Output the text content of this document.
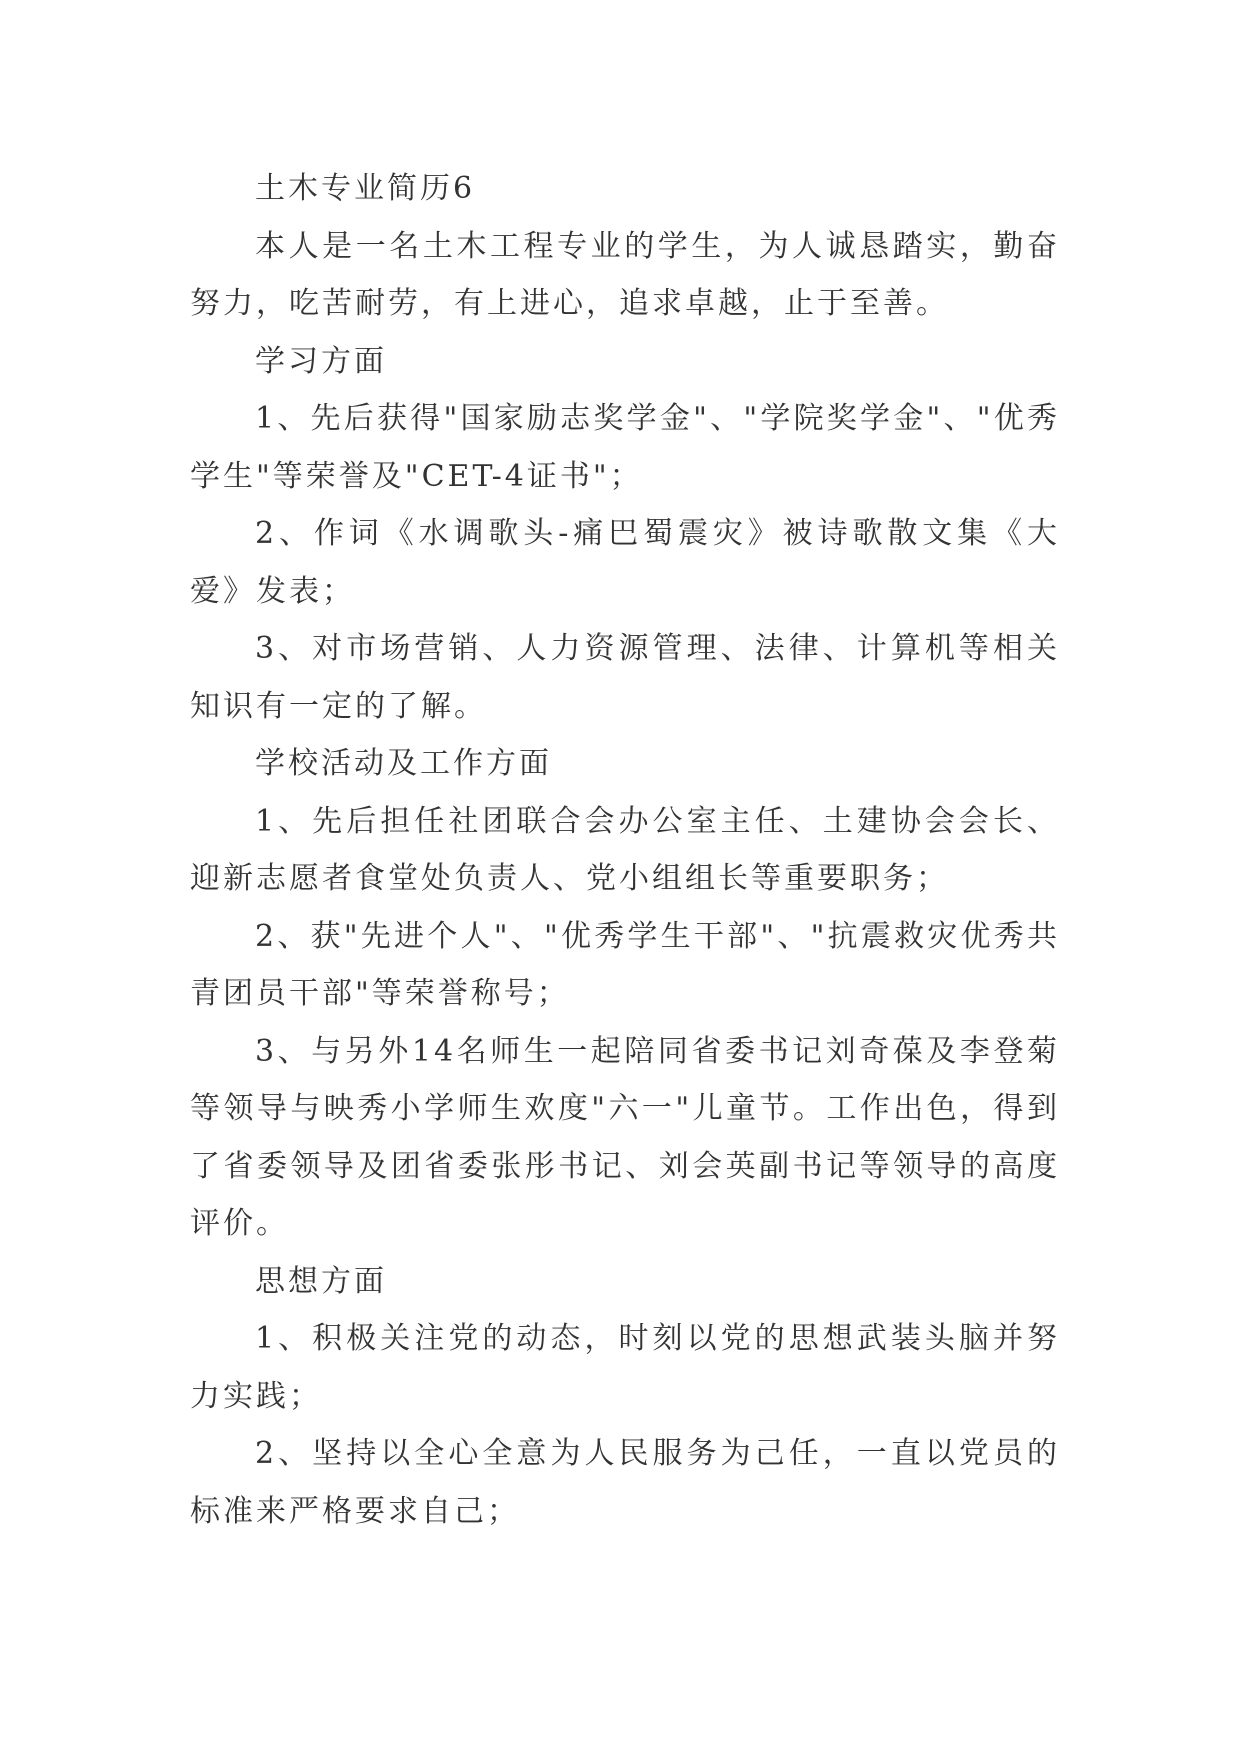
土木专业简历6

本人是一名土木工程专业的学生，为人诚恳踏实，勤奋努力，吃苦耐劳，有上进心，追求卓越，止于至善。

学习方面

1、先后获得"国家励志奖学金"、"学院奖学金"、"优秀学生"等荣誉及"CET-4证书"；

2、作词《水调歌头-痛巴蜀震灾》被诗歌散文集《大爱》发表；

3、对市场营销、人力资源管理、法律、计算机等相关知识有一定的了解。

学校活动及工作方面

1、先后担任社团联合会办公室主任、土建协会会长、迎新志愿者食堂处负责人、党小组组长等重要职务；

2、获"先进个人"、"优秀学生干部"、"抗震救灾优秀共青团员干部"等荣誉称号；

3、与另外14名师生一起陪同省委书记刘奇葆及李登菊等领导与映秀小学师生欢度"六一"儿童节。工作出色，得到了省委领导及团省委张彤书记、刘会英副书记等领导的高度评价。

思想方面

1、积极关注党的动态，时刻以党的思想武装头脑并努力实践；

2、坚持以全心全意为人民服务为己任，一直以党员的标准来严格要求自己；
